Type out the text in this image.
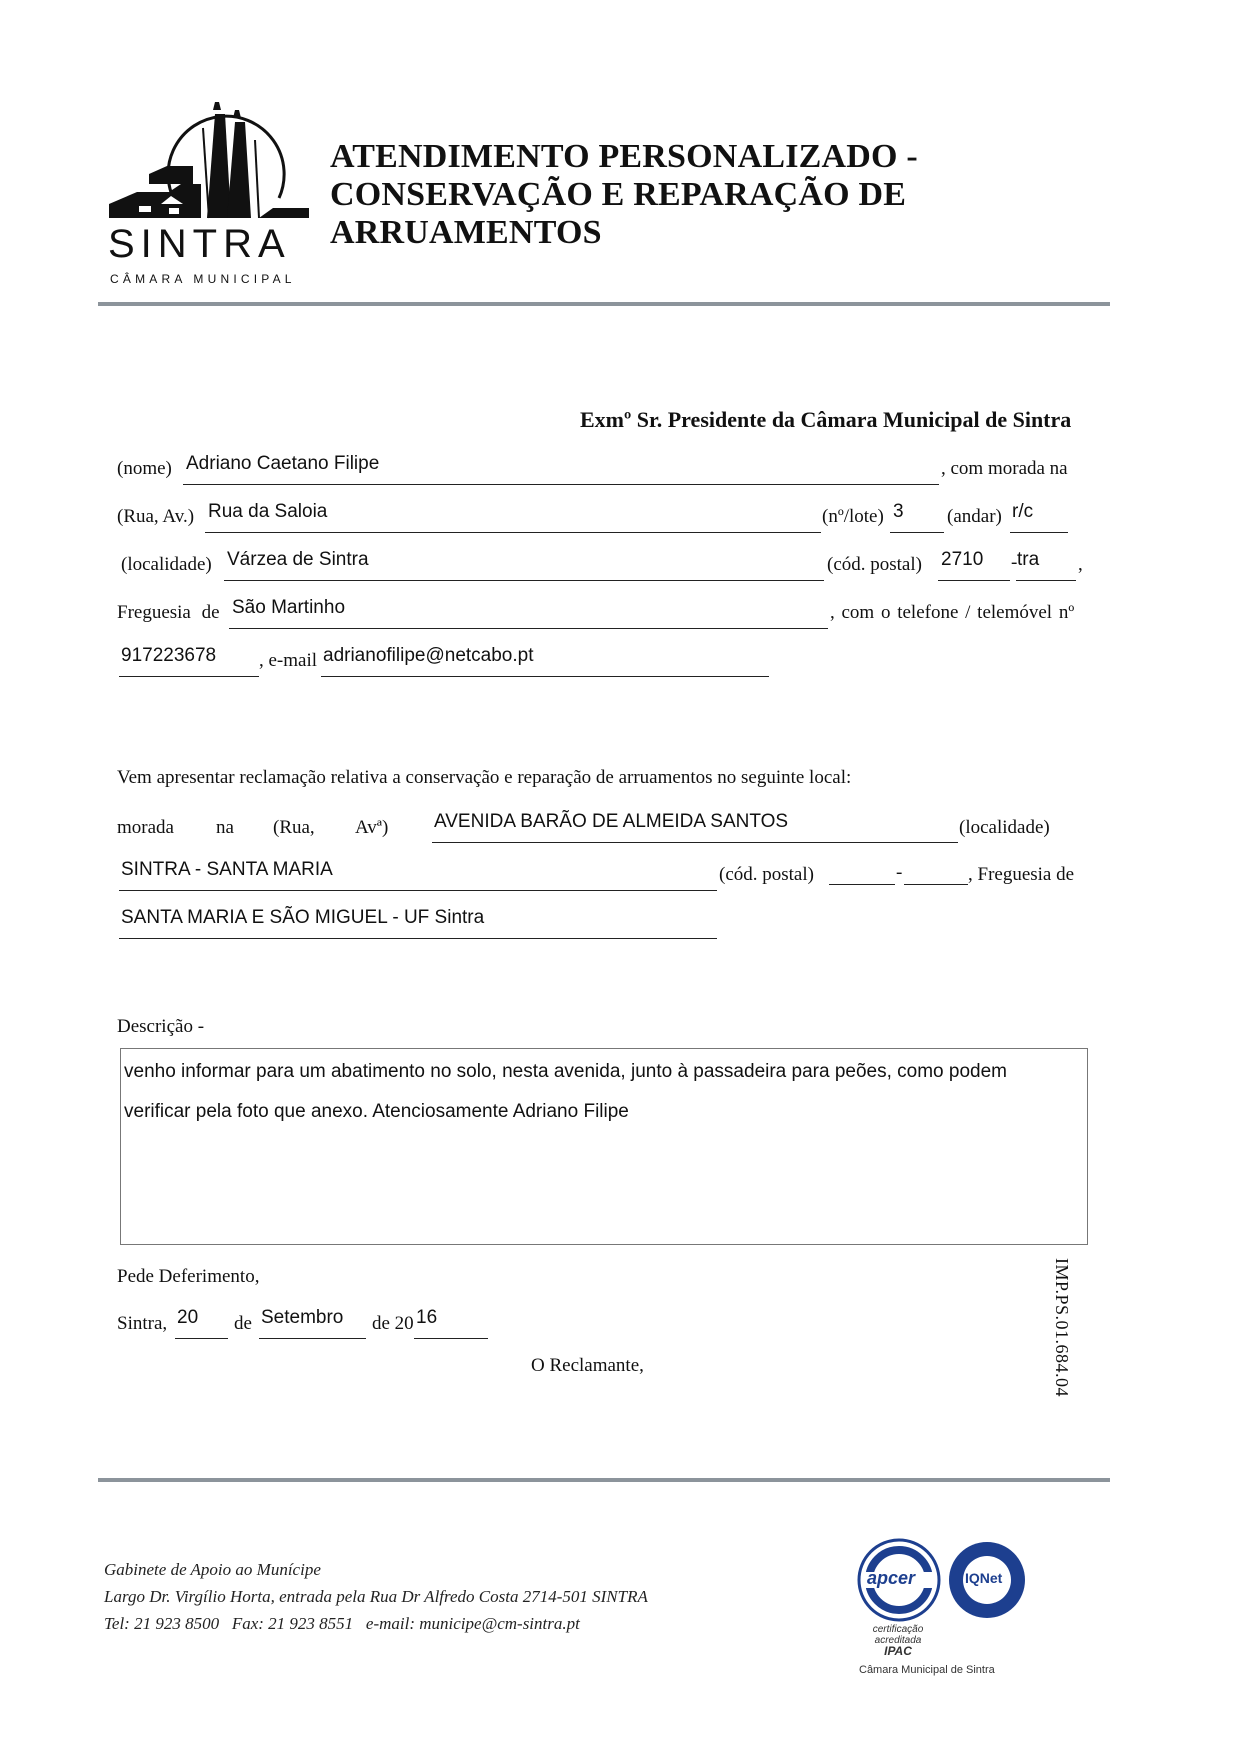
SINTRA
CÂMARA MUNICIPAL
ATENDIMENTO PERSONALIZADO -
CONSERVAÇÃO E REPARAÇÃO DE
ARRUAMENTOS
Exmº Sr. Presidente da Câmara Municipal de Sintra
(nome) Adriano Caetano Filipe	, com morada na
(Rua, Av.) Rua da Saloia	(nº/lote) 3 (andar) r/c
(localidade) Várzea de Sintra	(cód. postal) 2710 - tra ,
Freguesia de São Martinho	, com o telefone / telemóvel nº
917223678 , e-mail adrianofilipe@netcabo.pt
Vem apresentar reclamação relativa a conservação e reparação de arruamentos no seguinte local:
morada na (Rua, Avª) AVENIDA BARÃO DE ALMEIDA SANTOS	(localidade)
SINTRA - SANTA MARIA	(cód. postal)	-	, Freguesia de
SANTA MARIA E SÃO MIGUEL - UF Sintra
Descrição -
venho informar para um abatimento no solo, nesta avenida, junto à passadeira para peões, como podem
verificar pela foto que anexo. Atenciosamente Adriano Filipe
Pede Deferimento,
Sintra, 20 de Setembro de 20 16
O Reclamante,	IMP.PS.01.684.04
Gabinete de Apoio ao Munícipe
Largo Dr. Virgílio Horta, entrada pela Rua Dr Alfredo Costa 2714-501 SINTRA
Tel: 21 923 8500   Fax: 21 923 8551   e-mail: municipe@cm-sintra.pt
apcer	IQNet
certificação
acreditada
IPAC
Câmara Municipal de Sintra
